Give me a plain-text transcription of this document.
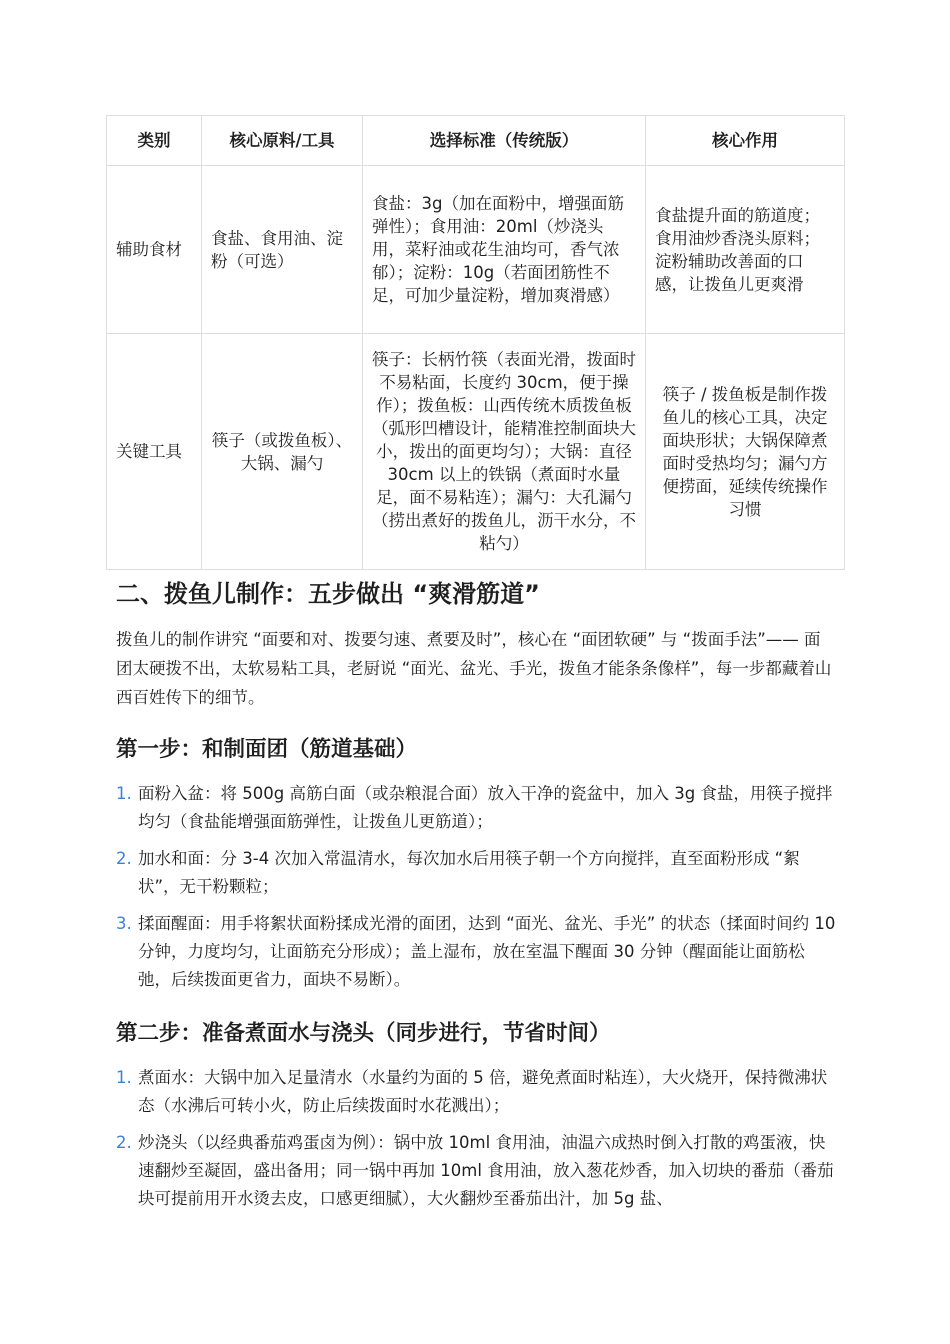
类别	核心原料/工具	选择标准（传统版）	核心作用
辅助食材	食盐、食用油、淀粉（可选）	食盐：3g（加在面粉中，增强面筋弹性）；食用油：20ml（炒浇头用，菜籽油或花生油均可，香气浓郁）；淀粉：10g（若面团筋性不足，可加少量淀粉，增加爽滑感）	食盐提升面的筋道度；食用油炒香浇头原料；淀粉辅助改善面的口感，让拨鱼儿更爽滑
关键工具	筷子（或拨鱼板）、大锅、漏勺	筷子：长柄竹筷（表面光滑，拨面时不易粘面，长度约 30cm，便于操作）；拨鱼板：山西传统木质拨鱼板（弧形凹槽设计，能精准控制面块大小，拨出的面更均匀）；大锅：直径 30cm 以上的铁锅（煮面时水量足，面不易粘连）；漏勺：大孔漏勺（捞出煮好的拨鱼儿，沥干水分，不粘勺）	筷子 / 拨鱼板是制作拨鱼儿的核心工具，决定面块形状；大锅保障煮面时受热均匀；漏勺方便捞面，延续传统操作习惯
二、拨鱼儿制作：五步做出 “爽滑筋道”

拨鱼儿的制作讲究 “面要和对、拨要匀速、煮要及时”，核心在 “面团软硬” 与 “拨面手法”—— 面团太硬拨不出，太软易粘工具，老厨说 “面光、盆光、手光，拨鱼才能条条像样”，每一步都藏着山西百姓传下的细节。

第一步：和制面团（筋道基础）
1. 面粉入盆：将 500g 高筋白面（或杂粮混合面）放入干净的瓷盆中，加入 3g 食盐，用筷子搅拌均匀（食盐能增强面筋弹性，让拨鱼儿更筋道）；
2. 加水和面：分 3-4 次加入常温清水，每次加水后用筷子朝一个方向搅拌，直至面粉形成 “絮状”，无干粉颗粒；
3. 揉面醒面：用手将絮状面粉揉成光滑的面团，达到 “面光、盆光、手光” 的状态（揉面时间约 10 分钟，力度均匀，让面筋充分形成）；盖上湿布，放在室温下醒面 30 分钟（醒面能让面筋松弛，后续拨面更省力，面块不易断）。
第二步：准备煮面水与浇头（同步进行，节省时间）
1. 煮面水：大锅中加入足量清水（水量约为面的 5 倍，避免煮面时粘连），大火烧开，保持微沸状态（水沸后可转小火，防止后续拨面时水花溅出）；
2. 炒浇头（以经典番茄鸡蛋卤为例）：锅中放 10ml 食用油，油温六成热时倒入打散的鸡蛋液，快速翻炒至凝固，盛出备用；同一锅中再加 10ml 食用油，放入葱花炒香，加入切块的番茄（番茄块可提前用开水烫去皮，口感更细腻），大火翻炒至番茄出汁，加 5g 盐、
